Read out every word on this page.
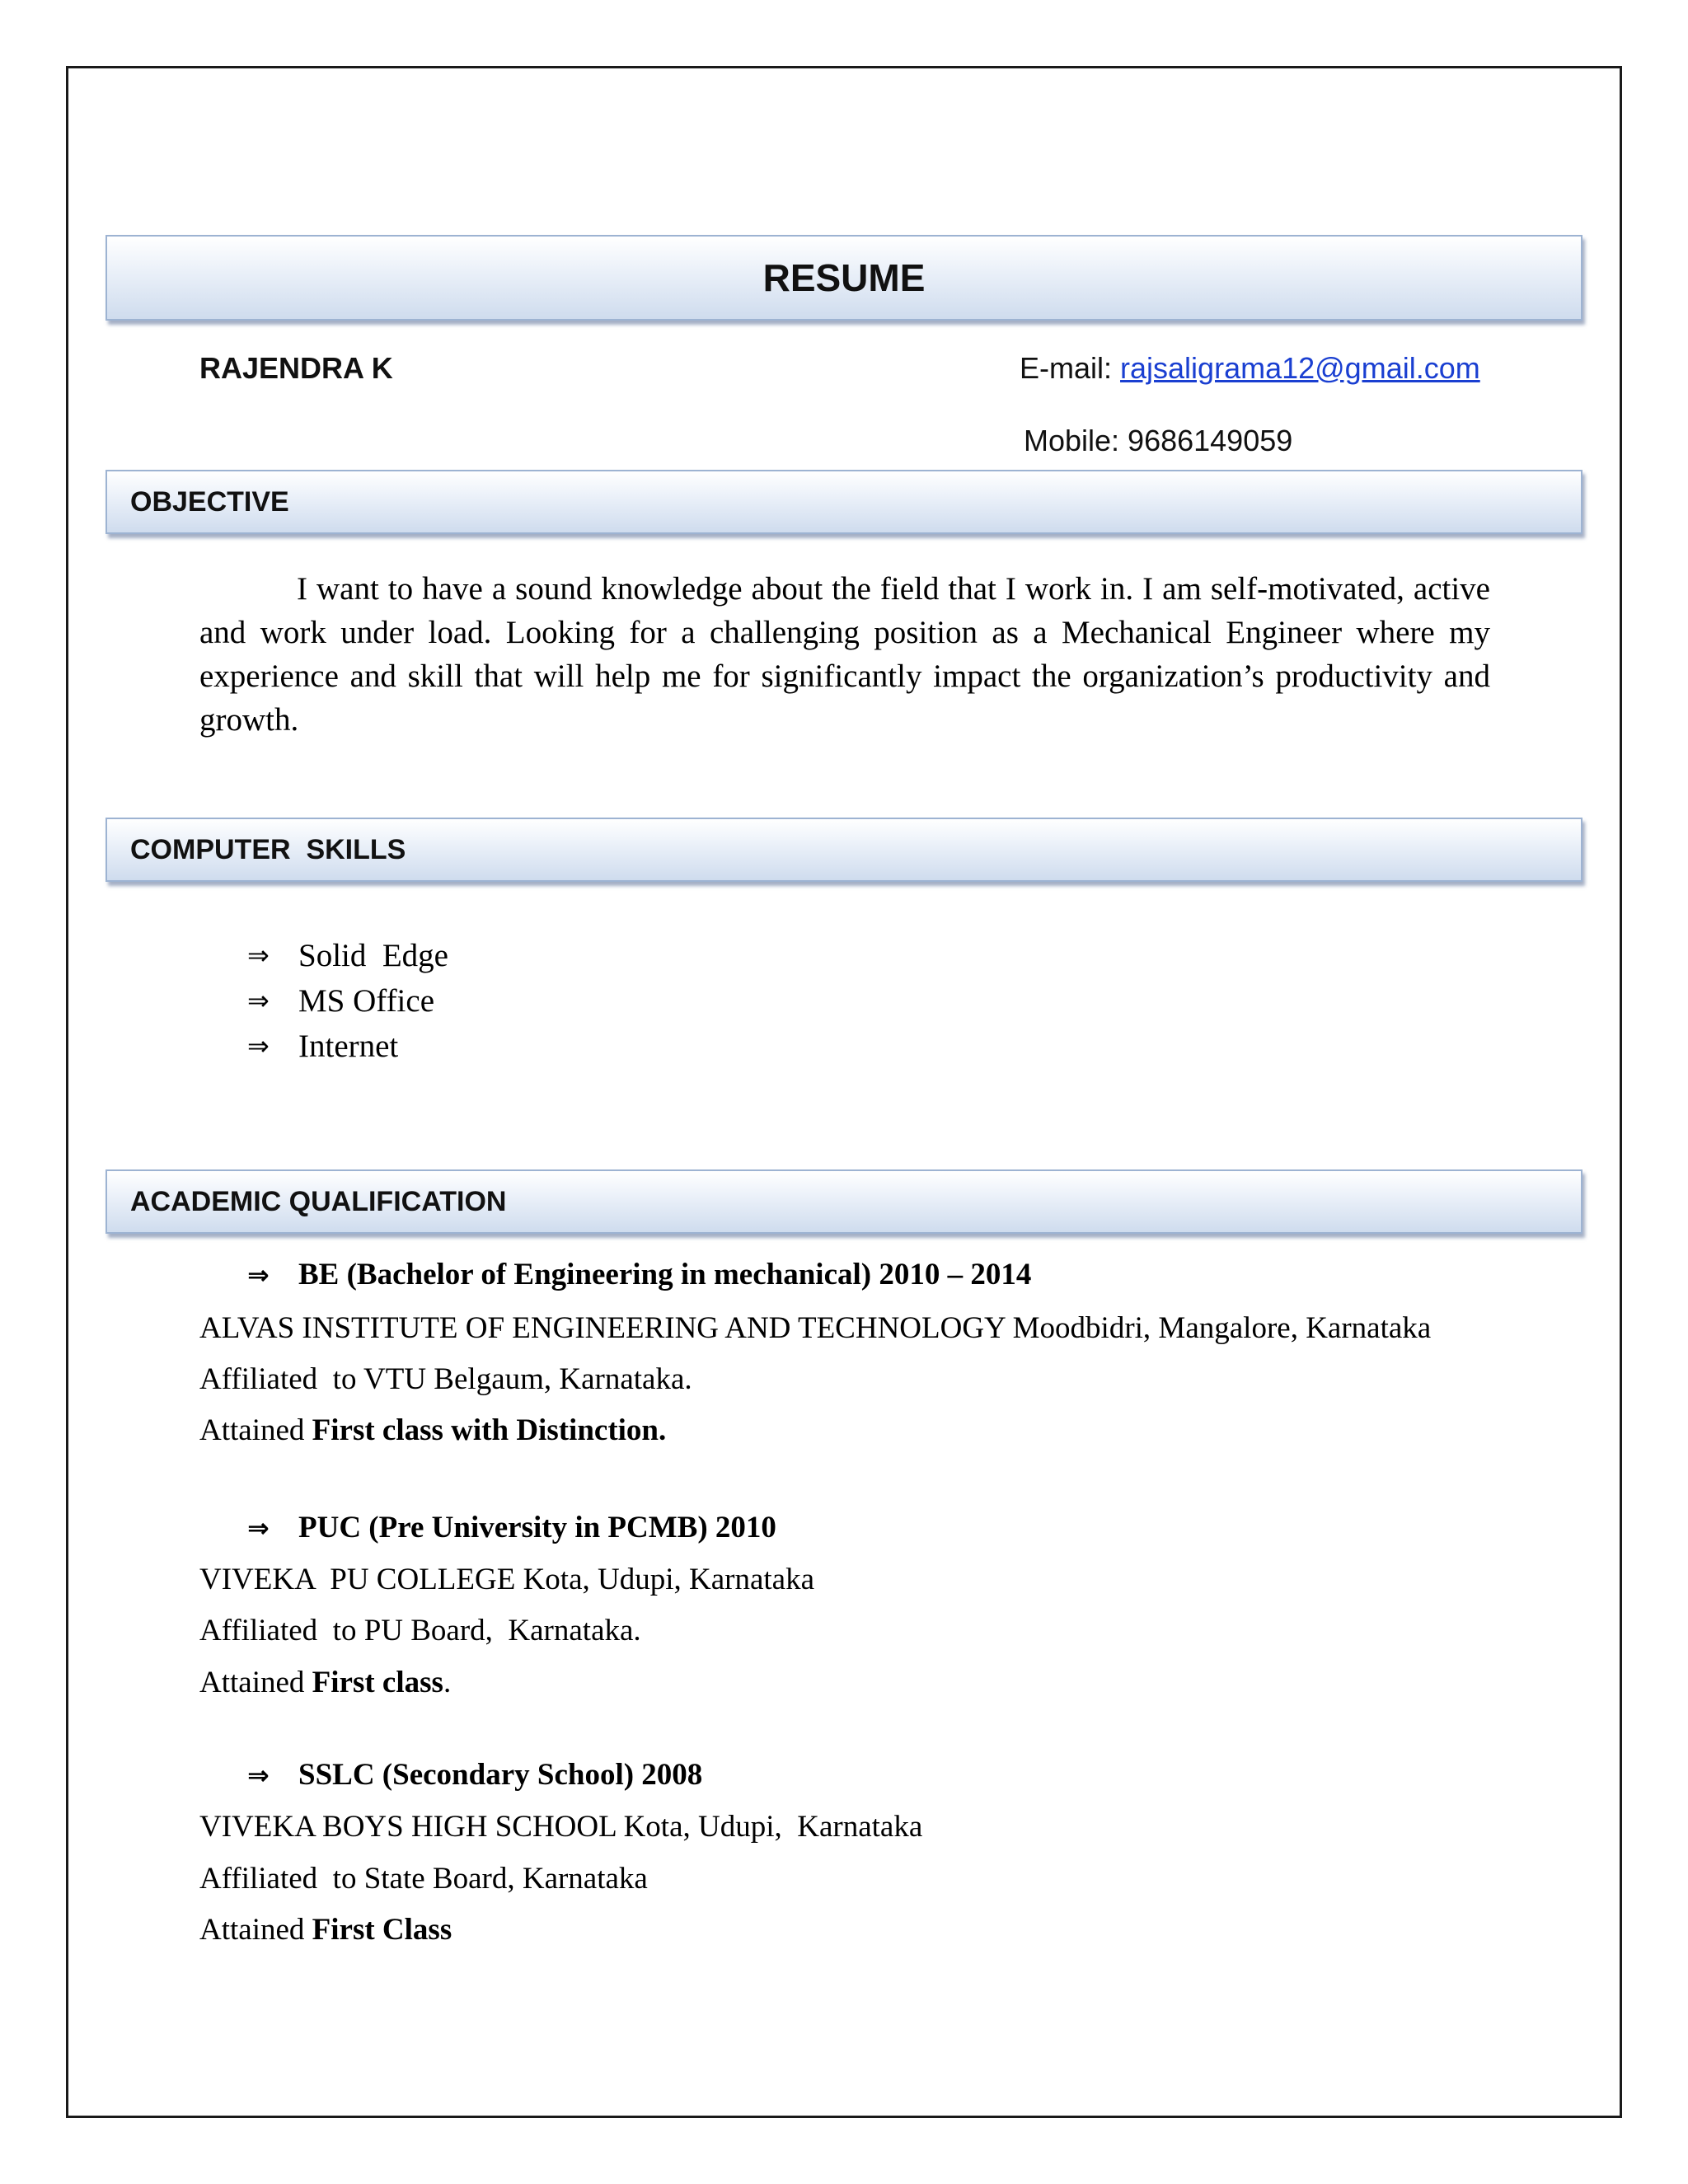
RESUME
RAJENDRA K	E-mail: rajsaligrama12@gmail.com
Mobile: 9686149059
OBJECTIVE
I want to have a sound knowledge about the field that I work in. I am self-motivated, active and work under load. Looking for a challenging position as a Mechanical Engineer where my experience and skill that will help me for significantly impact the organization’s productivity and growth.
COMPUTER  SKILLS
⇒ Solid  Edge
⇒ MS Office
⇒ Internet
ACADEMIC QUALIFICATION
⇒ BE (Bachelor of Engineering in mechanical) 2010 – 2014
ALVAS INSTITUTE OF ENGINEERING AND TECHNOLOGY Moodbidri, Mangalore, Karnataka
Affiliated  to VTU Belgaum, Karnataka.
Attained First class with Distinction.
⇒ PUC (Pre University in PCMB) 2010
VIVEKA  PU COLLEGE Kota, Udupi, Karnataka
Affiliated  to PU Board,  Karnataka.
Attained First class.
⇒ SSLC (Secondary School) 2008
VIVEKA BOYS HIGH SCHOOL Kota, Udupi,  Karnataka
Affiliated  to State Board, Karnataka
Attained First Class
